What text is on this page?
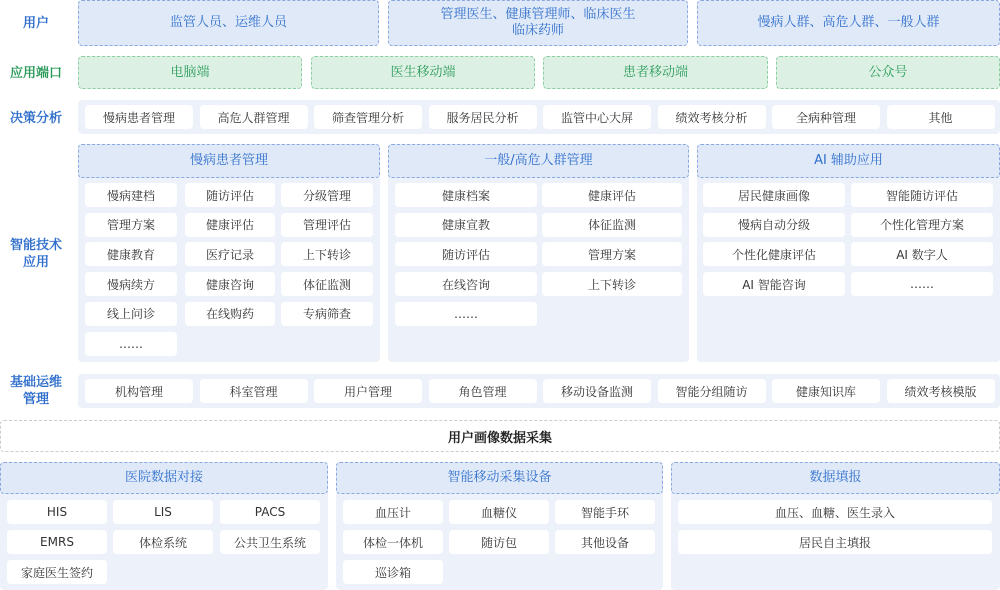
用户	监管人员、运维人员
管理医生、健康管理师、临床医生
临床药师
慢病人群、高危人群、一般人群
应用端口	电脑端	医生移动端	患者移动端	公众号
决策分析	慢病患者管理	高危人群管理	筛查管理分析	服务居民分析	监管中心大屏	绩效考核分析	全病种管理	其他
智能技术
应用
慢病患者管理
慢病建档	随访评估	分级管理
管理方案	健康评估	管理评估
健康教育	医疗记录	上下转诊
慢病续方	健康咨询	体征监测
线上问诊	在线购药	专病筛查
……
一般/高危人群管理
健康档案	健康评估
健康宣教	体征监测
随访评估	管理方案
在线咨询	上下转诊
……
AI 辅助应用
居民健康画像	智能随访评估
慢病自动分级	个性化管理方案
个性化健康评估	AI 数字人
AI 智能咨询	……
基础运维
管理
机构管理	科室管理	用户管理	角色管理	移动设备监测	智能分组随访	健康知识库	绩效考核模版
用户画像数据采集
医院数据对接
HIS	LIS	PACS
EMRS	体检系统	公共卫生系统
家庭医生签约
智能移动采集设备
血压计	血糖仪	智能手环
体检一体机	随访包	其他设备
巡诊箱
数据填报
血压、血糖、医生录入
居民自主填报
